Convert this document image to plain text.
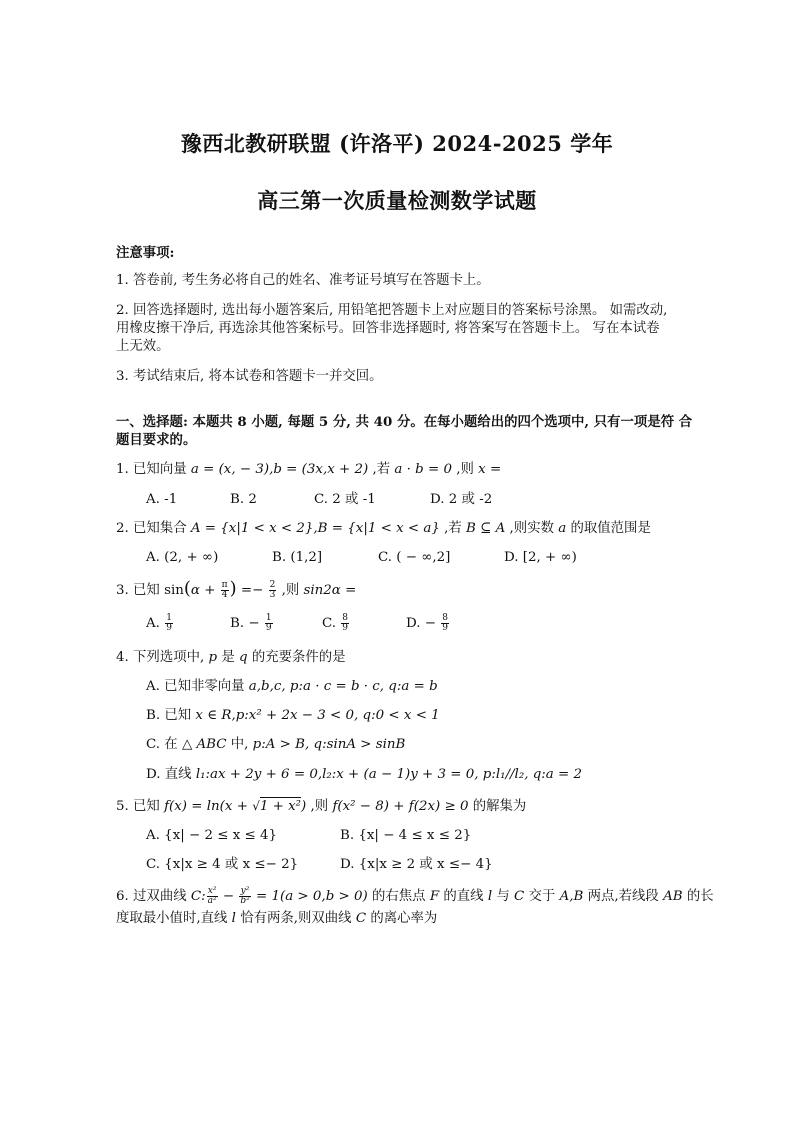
豫西北教研联盟 (许洛平) 2024-2025 学年
高三第一次质量检测数学试题
注意事项:
1. 答卷前, 考生务必将自己的姓名、准考证号填写在答题卡上。
2. 回答选择题时, 选出每小题答案后, 用铅笔把答题卡上对应题目的答案标号涂黑。 如需改动,
用橡皮擦干净后, 再选涂其他答案标号。回答非选择题时, 将答案写在答题卡上。 写在本试卷
上无效。
3. 考试结束后, 将本试卷和答题卡一并交回。
一、选择题: 本题共 8 小题, 每题 5 分, 共 40 分。在每小题给出的四个选项中, 只有一项是符 合
题目要求的。
1. 已知向量 a = (x, − 3),b = (3x,x + 2) ,若 a · b = 0 ,则 x =
A. -1	B. 2	C. 2 或 -1	D. 2 或 -2
2. 已知集合 A = {x|1 < x < 2},B = {x|1 < x < a} ,若 B ⊆ A ,则实数 a 的取值范围是
A. (2, + ∞)	B. (1,2]	C. ( − ∞,2]	D. [2, + ∞)
3. 已知 $\sin(\alpha + \frac{\pi}{4}$ ) =− $\frac{2}{3}$ ,则 sin2α =
A. $\frac{1}{9}$	B. − $\frac{1}{9}$	C. $\frac{8}{9}$	D. − $\frac{8}{9}$
4. 下列选项中, p 是 q 的充要条件的是
A. 已知非零向量 a,b,c, p:a · c = b · c, q:a = b
B. 已知 x ∈ R,p:x² + 2x − 3 < 0, q:0 < x < 1
C. 在 △ ABC 中, p:A > B, q:sinA > sinB
D. 直线 l₁:ax + 2y + 6 = 0,l₂:x + (a − 1)y + 3 = 0, p:l₁//l₂, q:a = 2
5. 已知 f(x) = ln(x + √1 + x²) ,则 f(x² − 8) + f(2x) ≥ 0 的解集为
A. {x| − 2 ≤ x ≤ 4}	B. {x| − 4 ≤ x ≤ 2}
C. {x|x ≥ 4 或 x ≤− 2}	D. {x|x ≥ 2 或 x ≤− 4}
6. 过双曲线 C: $\frac{\text{x²}}{\text{a²}} - \frac{\text{y²}}{\text{b²}} = 1(a > 0,b > 0)$ 的右焦点 F 的直线 l 与 C 交于 A,B 两点,若线段 AB 的长
度取最小值时,直线 l 恰有两条,则双曲线 C 的离心率为
